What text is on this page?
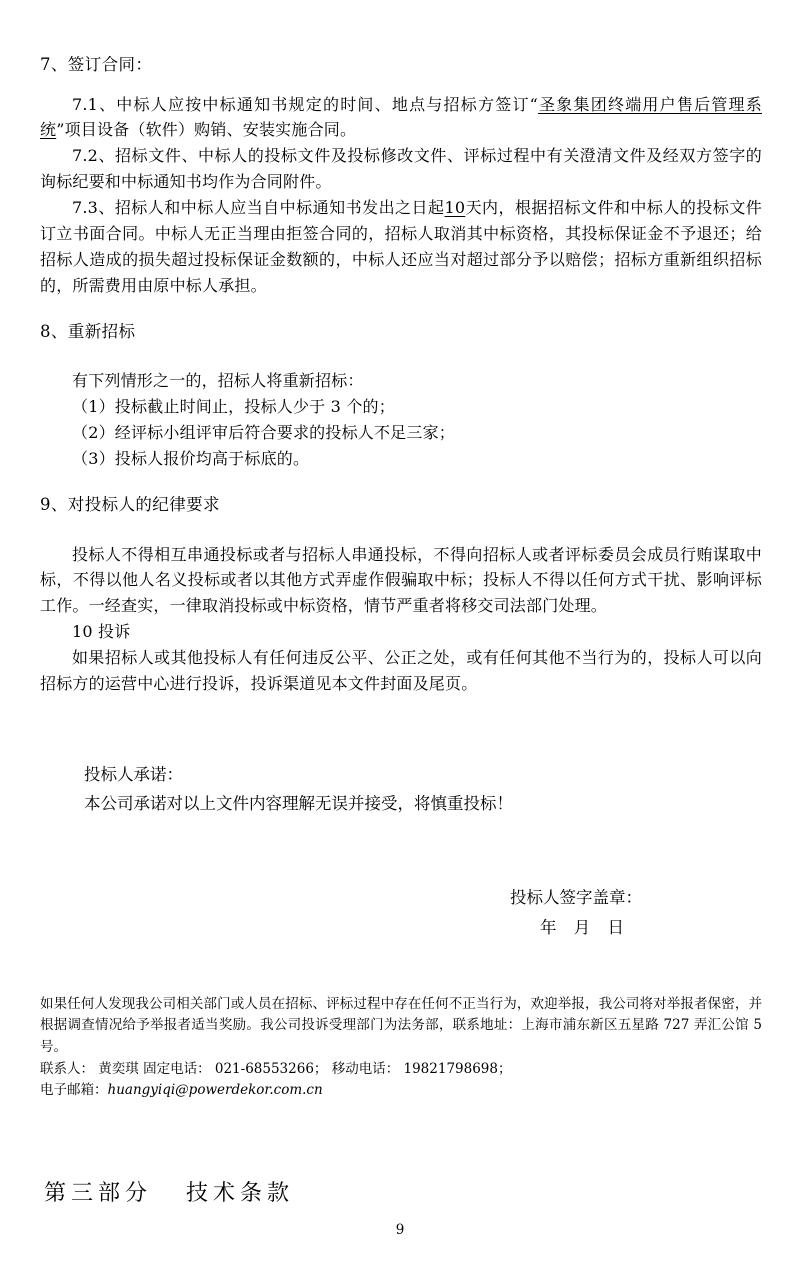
7、签订合同：

7.1、中标人应按中标通知书规定的时间、地点与招标方签订“圣象集团终端用户售后管理系统”项目设备（软件）购销、安装实施合同。

7.2、招标文件、中标人的投标文件及投标修改文件、评标过程中有关澄清文件及经双方签字的询标纪要和中标通知书均作为合同附件。

7.3、招标人和中标人应当自中标通知书发出之日起10天内，根据招标文件和中标人的投标文件订立书面合同。中标人无正当理由拒签合同的，招标人取消其中标资格，其投标保证金不予退还；给招标人造成的损失超过投标保证金数额的，中标人还应当对超过部分予以赔偿；招标方重新组织招标的，所需费用由原中标人承担。

8、重新招标

有下列情形之一的，招标人将重新招标：

（1）投标截止时间止，投标人少于 3 个的；

（2）经评标小组评审后符合要求的投标人不足三家；

（3）投标人报价均高于标底的。

9、对投标人的纪律要求

投标人不得相互串通投标或者与招标人串通投标，不得向招标人或者评标委员会成员行贿谋取中标，不得以他人名义投标或者以其他方式弄虚作假骗取中标；投标人不得以任何方式干扰、影响评标工作。一经查实，一律取消投标或中标资格，情节严重者将移交司法部门处理。

10 投诉

如果招标人或其他投标人有任何违反公平、公正之处，或有任何其他不当行为的，投标人可以向招标方的运营中心进行投诉，投诉渠道见本文件封面及尾页。

投标人承诺：

本公司承诺对以上文件内容理解无误并接受，将慎重投标！

投标人签字盖章：

年 月 日

如果任何人发现我公司相关部门或人员在招标、评标过程中存在任何不正当行为，欢迎举报，我公司将对举报者保密，并根据调查情况给予举报者适当奖励。我公司投诉受理部门为法务部，联系地址：上海市浦东新区五星路 727 弄汇公馆 5 号。

联系人： 黄奕琪 固定电话： 021-68553266； 移动电话： 19821798698；

电子邮箱：huangyiqi@powerdekor.com.cn

第三部分 技术条款
9
